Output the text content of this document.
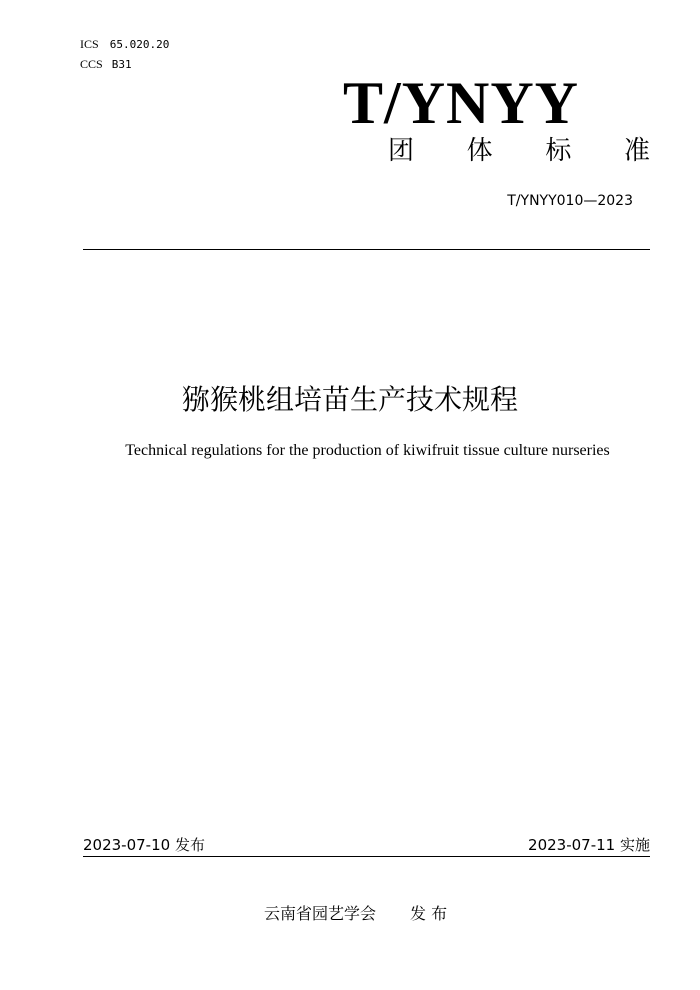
ICS 65.020.20
CCS B31
T/YNYY
团 体 标 准
T/YNYY010—2023
猕猴桃组培苗生产技术规程
Technical regulations for the production of kiwifruit tissue culture nurseries
2023-07-10 发布	2023-07-11 实施
云南省园艺学会 发 布
